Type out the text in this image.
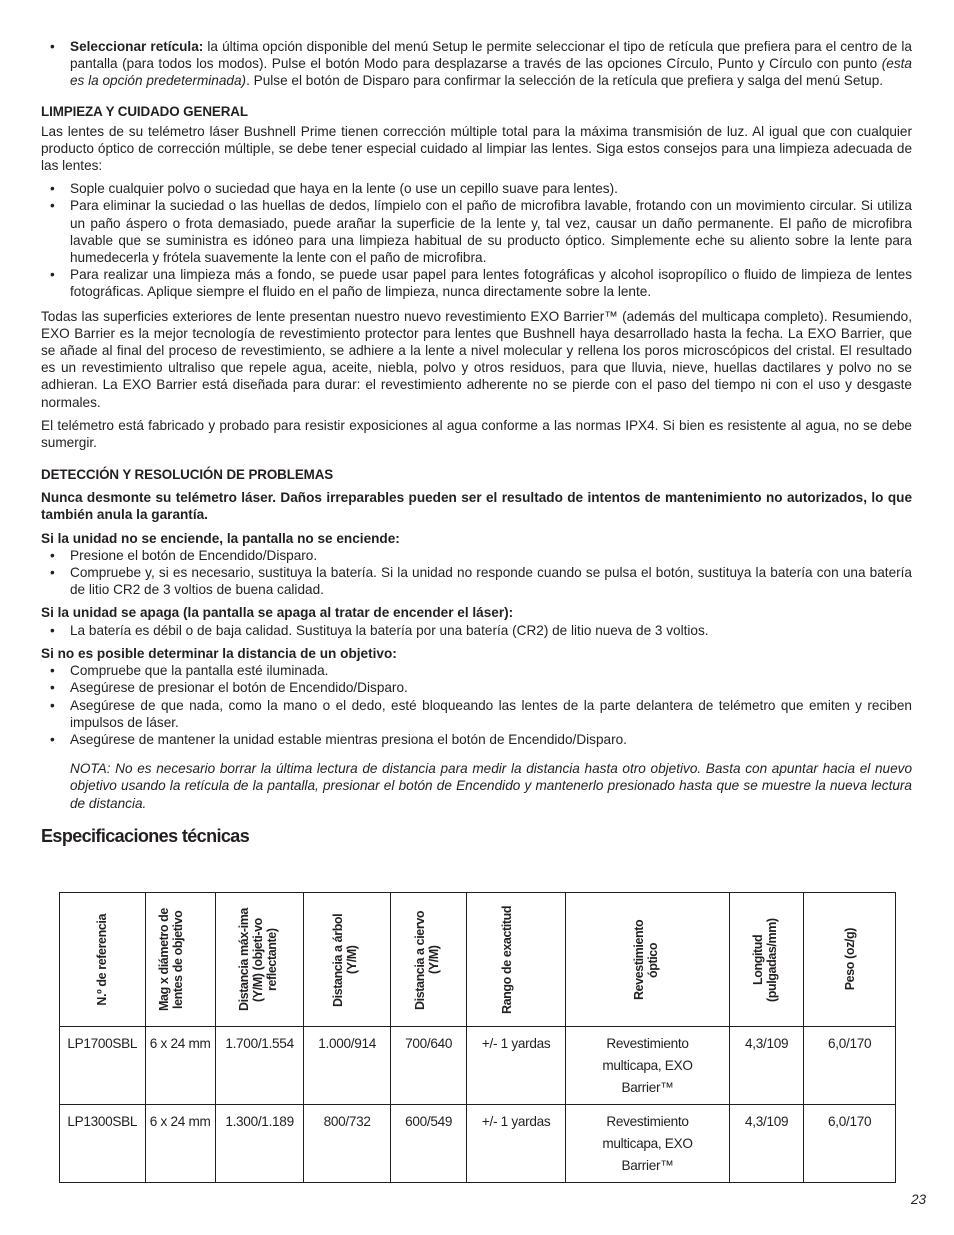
• Seleccionar retícula: la última opción disponible del menú Setup le permite seleccionar el tipo de retícula que prefiera para el centro de la pantalla (para todos los modos). Pulse el botón Modo para desplazarse a través de las opciones Círculo, Punto y Círculo con punto (esta es la opción predeterminada). Pulse el botón de Disparo para confirmar la selección de la retícula que prefiera y salga del menú Setup.
LIMPIEZA Y CUIDADO GENERAL

Las lentes de su telémetro láser Bushnell Prime tienen corrección múltiple total para la máxima transmisión de luz. Al igual que con cualquier producto óptico de corrección múltiple, se debe tener especial cuidado al limpiar las lentes. Siga estos consejos para una limpieza adecuada de las lentes:

• Sople cualquier polvo o suciedad que haya en la lente (o use un cepillo suave para lentes).
• Para eliminar la suciedad o las huellas de dedos, límpielo con el paño de microfibra lavable, frotando con un movimiento circular. Si utiliza un paño áspero o frota demasiado, puede arañar la superficie de la lente y, tal vez, causar un daño permanente. El paño de microfibra lavable que se suministra es idóneo para una limpieza habitual de su producto óptico. Simplemente eche su aliento sobre la lente para humedecerla y frótela suavemente la lente con el paño de microfibra.
• Para realizar una limpieza más a fondo, se puede usar papel para lentes fotográficas y alcohol isopropílico o fluido de limpieza de lentes fotográficas. Aplique siempre el fluido en el paño de limpieza, nunca directamente sobre la lente.

Todas las superficies exteriores de lente presentan nuestro nuevo revestimiento EXO Barrier™ (además del multicapa completo). Resumiendo, EXO Barrier es la mejor tecnología de revestimiento protector para lentes que Bushnell haya desarrollado hasta la fecha. La EXO Barrier, que se añade al final del proceso de revestimiento, se adhiere a la lente a nivel molecular y rellena los poros microscópicos del cristal. El resultado es un revestimiento ultraliso que repele agua, aceite, niebla, polvo y otros residuos, para que lluvia, nieve, huellas dactilares y polvo no se adhieran. La EXO Barrier está diseñada para durar: el revestimiento adherente no se pierde con el paso del tiempo ni con el uso y desgaste normales.

El telémetro está fabricado y probado para resistir exposiciones al agua conforme a las normas IPX4. Si bien es resistente al agua, no se debe sumergir.

DETECCIÓN Y RESOLUCIÓN DE PROBLEMAS

Nunca desmonte su telémetro láser. Daños irreparables pueden ser el resultado de intentos de mantenimiento no autorizados, lo que también anula la garantía.

Si la unidad no se enciende, la pantalla no se enciende:

• Presione el botón de Encendido/Disparo.
• Compruebe y, si es necesario, sustituya la batería. Si la unidad no responde cuando se pulsa el botón, sustituya la batería con una batería de litio CR2 de 3 voltios de buena calidad.

Si la unidad se apaga (la pantalla se apaga al tratar de encender el láser):

• La batería es débil o de baja calidad. Sustituya la batería por una batería (CR2) de litio nueva de 3 voltios.

Si no es posible determinar la distancia de un objetivo:

• Compruebe que la pantalla esté iluminada.
• Asegúrese de presionar el botón de Encendido/Disparo.
• Asegúrese de que nada, como la mano o el dedo, esté bloqueando las lentes de la parte delantera de telémetro que emiten y reciben impulsos de láser.
• Asegúrese de mantener la unidad estable mientras presiona el botón de Encendido/Disparo.

NOTA: No es necesario borrar la última lectura de distancia para medir la distancia hasta otro objetivo. Basta con apuntar hacia el nuevo objetivo usando la retícula de la pantalla, presionar el botón de Encendido y mantenerlo presionado hasta que se muestre la nueva lectura de distancia.

Especificaciones técnicas
N.º de referencia	Mag x diámetro de lentes de objetivo	Distancia máx-ima (Y/M) (objeti-vo reflectante)	Distancia a árbol (Y/M)	Distancia a ciervo (Y/M)	Rango de exactitud	Revestimiento óptico	Longitud (pulgadas/mm)	Peso (oz/g)

LP1700SBL	6 x 24 mm	1.700/1.554	1.000/914	700/640	+/- 1 yardas	Revestimiento multicapa, EXO Barrier™	4,3/109	6,0/170
LP1300SBL	6 x 24 mm	1.300/1.189	800/732	600/549	+/- 1 yardas	Revestimiento multicapa, EXO Barrier™	4,3/109	6,0/170
23
